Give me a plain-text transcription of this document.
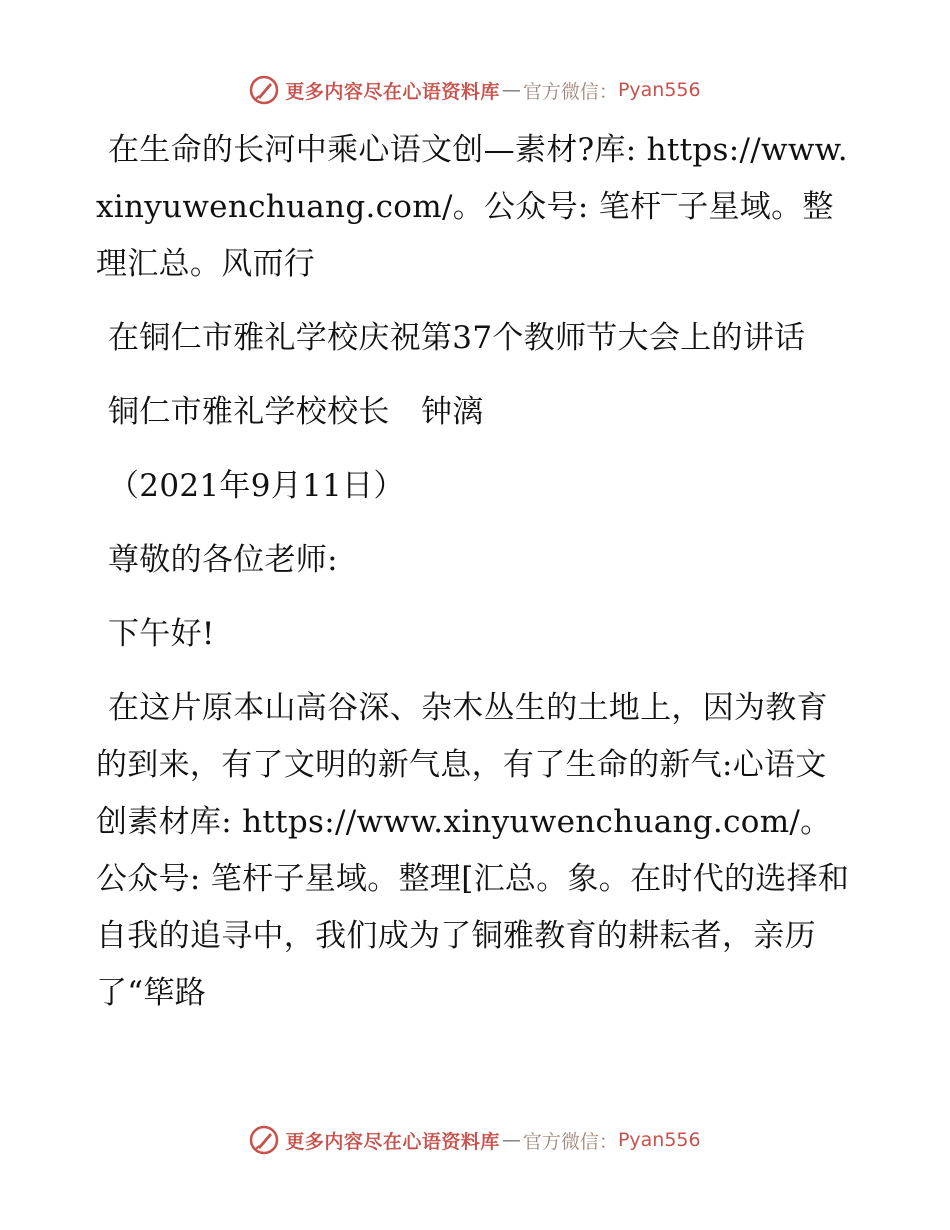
更多内容尽在心语资料库 — 官方微信： Pyan556

在生命的长河中乘心语文创—素材?库: https://www.xinyuwenchuang.com/。公众号: 笔杆‾子星域。整理汇总。风而行

在铜仁市雅礼学校庆祝第37个教师节大会上的讲话

铜仁市雅礼学校校长　钟漓

（2021年9月11日）

尊敬的各位老师:

下午好!

在这片原本山高谷深、杂木丛生的土地上，因为教育的到来，有了文明的新气息，有了生命的新气:心语文创素材库: https://www.xinyuwenchuang.com/。公众号: 笔杆子星域。整理[汇总。象。在时代的选择和自我的追寻中，我们成为了铜雅教育的耕耘者，亲历了“筚路

更多内容尽在心语资料库 — 官方微信： Pyan556
